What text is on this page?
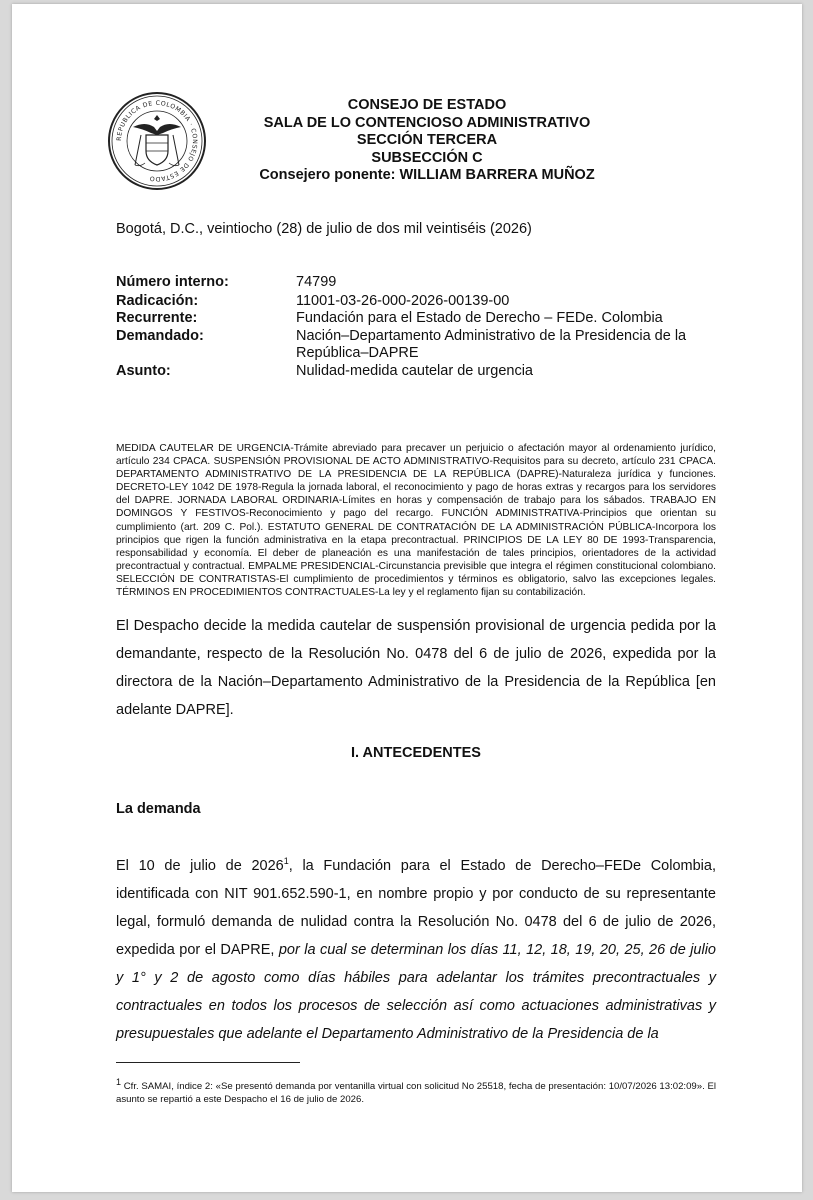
REPUBLICA DE COLOMBIA · CONSEJO DE ESTADO
CONSEJO DE ESTADO
SALA DE LO CONTENCIOSO ADMINISTRATIVO
SECCIÓN TERCERA
SUBSECCIÓN C
Consejero ponente: WILLIAM BARRERA MUÑOZ
Bogotá, D.C., veintiocho (28) de julio de dos mil veintiséis (2026)
Número interno:	74799
Radicación:	11001-03-26-000-2026-00139-00
Recurrente:	Fundación para el Estado de Derecho – FEDe. Colombia
Demandado:	Nación–Departamento Administrativo de la Presidencia de la
República–DAPRE
Asunto:	Nulidad-medida cautelar de urgencia
MEDIDA CAUTELAR DE URGENCIA-Trámite abreviado para precaver un perjuicio o afectación mayor al ordenamiento jurídico, artículo 234 CPACA. SUSPENSIÓN PROVISIONAL DE ACTO ADMINISTRATIVO-Requisitos para su decreto, artículo 231 CPACA. DEPARTAMENTO ADMINISTRATIVO DE LA PRESIDENCIA DE LA REPÚBLICA (DAPRE)-Naturaleza jurídica y funciones. DECRETO-LEY 1042 DE 1978-Regula la jornada laboral, el reconocimiento y pago de horas extras y recargos para los servidores del DAPRE. JORNADA LABORAL ORDINARIA-Límites en horas y compensación de trabajo para los sábados. TRABAJO EN DOMINGOS Y FESTIVOS-Reconocimiento y pago del recargo. FUNCIÓN ADMINISTRATIVA-Principios que orientan su cumplimiento (art. 209 C. Pol.). ESTATUTO GENERAL DE CONTRATACIÓN DE LA ADMINISTRACIÓN PÚBLICA-Incorpora los principios que rigen la función administrativa en la etapa precontractual. PRINCIPIOS DE LA LEY 80 DE 1993-Transparencia, responsabilidad y economía. El deber de planeación es una manifestación de tales principios, orientadores de la actividad precontractual y contractual. EMPALME PRESIDENCIAL-Circunstancia previsible que integra el régimen constitucional colombiano. SELECCIÓN DE CONTRATISTAS-El cumplimiento de procedimientos y términos es obligatorio, salvo las excepciones legales. TÉRMINOS EN PROCEDIMIENTOS CONTRACTUALES-La ley y el reglamento fijan su contabilización.
El Despacho decide la medida cautelar de suspensión provisional de urgencia pedida por la demandante, respecto de la Resolución No. 0478 del 6 de julio de 2026, expedida por la directora de la Nación–Departamento Administrativo de la Presidencia de la República [en adelante DAPRE].
I. ANTECEDENTES
La demanda
El 10 de julio de 2026$^1$, la Fundación para el Estado de Derecho–FEDe Colombia, identificada con NIT 901.652.590-1, en nombre propio y por conducto de su representante legal, formuló demanda de nulidad contra la Resolución No. 0478 del 6 de julio de 2026, expedida por el DAPRE, por la cual se determinan los días 11, 12, 18, 19, 20, 25, 26 de julio y 1° y 2 de agosto como días hábiles para adelantar los trámites precontractuales y contractuales en todos los procesos de selección así como actuaciones administrativas y presupuestales que adelante el Departamento Administrativo de la Presidencia de la
$^1$ Cfr. SAMAI, índice 2: «Se presentó demanda por ventanilla virtual con solicitud No 25518, fecha de presentación: 10/07/2026 13:02:09». El asunto se repartió a este Despacho el 16 de julio de 2026.
